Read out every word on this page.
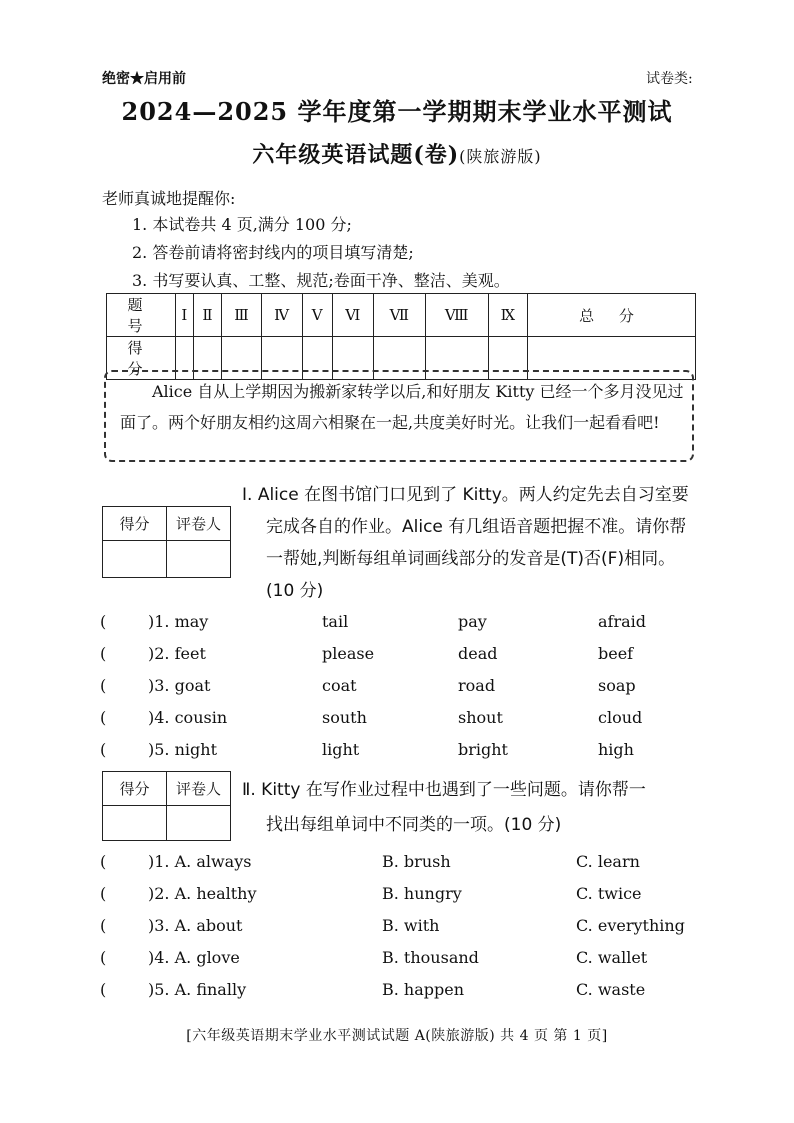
绝密★启用前	试卷类:
2024—2025 学年度第一学期期末学业水平测试
六年级英语试题(卷)(陕旅游版)
老师真诚地提醒你:
1. 本试卷共 4 页,满分 100 分;
2. 答卷前请将密封线内的项目填写清楚;
3. 书写要认真、工整、规范;卷面干净、整洁、美观。
题 号	Ⅰ	Ⅱ	Ⅲ	Ⅳ	Ⅴ	Ⅵ	Ⅶ	Ⅷ	Ⅸ	总 分
得 分										
Alice 自从上学期因为搬新家转学以后,和好朋友 Kitty 已经一个多月没见过面了。两个好朋友相约这周六相聚在一起,共度美好时光。让我们一起看看吧!
得分	评卷人

Ⅰ. Alice 在图书馆门口见到了 Kitty。两人约定先去自习室要
完成各自的作业。Alice 有几组语音题把握不准。请你帮
一帮她,判断每组单词画线部分的发音是(T)否(F)相同。
(10 分)
(	)1. may	tail	pay	afraid
(	)2. feet	please	dead	beef
(	)3. goat	coat	road	soap
(	)4. cousin	south	shout	cloud
(	)5. night	light	bright	high
得分	评卷人
	Ⅱ. Kitty 在写作业过程中也遇到了一些问题。请你帮一
找出每组单词中不同类的一项。(10 分)
(	)1. A. always	B. brush	C. learn
(	)2. A. healthy	B. hungry	C. twice
(	)3. A. about	B. with	C. everything
(	)4. A. glove	B. thousand	C. wallet
(	)5. A. finally	B. happen	C. waste
[六年级英语期末学业水平测试试题 A(陕旅游版) 共 4 页 第 1 页]
